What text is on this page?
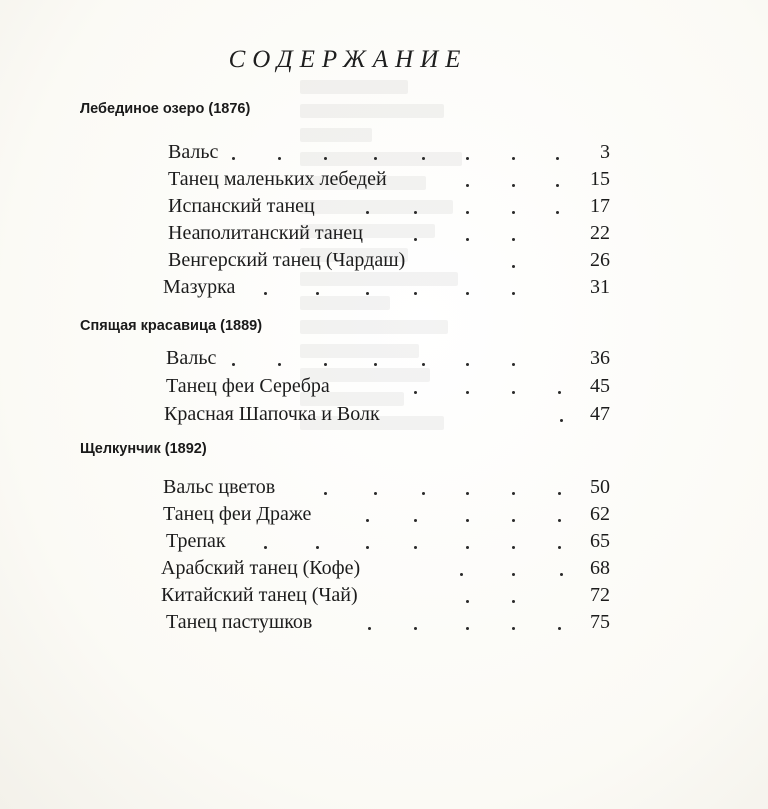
СОДЕРЖАНИЕ
Лебединое озеро (1876)
Вальс	3
Танец маленьких лебедей	15
Испанский танец	17
Неаполитанский танец	22
Венгерский танец (Чардаш)	26
Мазурка	31
Спящая красавица (1889)
Вальс	36
Танец феи Серебра	45
Красная Шапочка и Волк	47
Щелкунчик (1892)
Вальс цветов	50
Танец феи Драже	62
Трепак	65
Арабский танец (Кофе)	68
Китайский танец (Чай)	72
Танец пастушков	75
